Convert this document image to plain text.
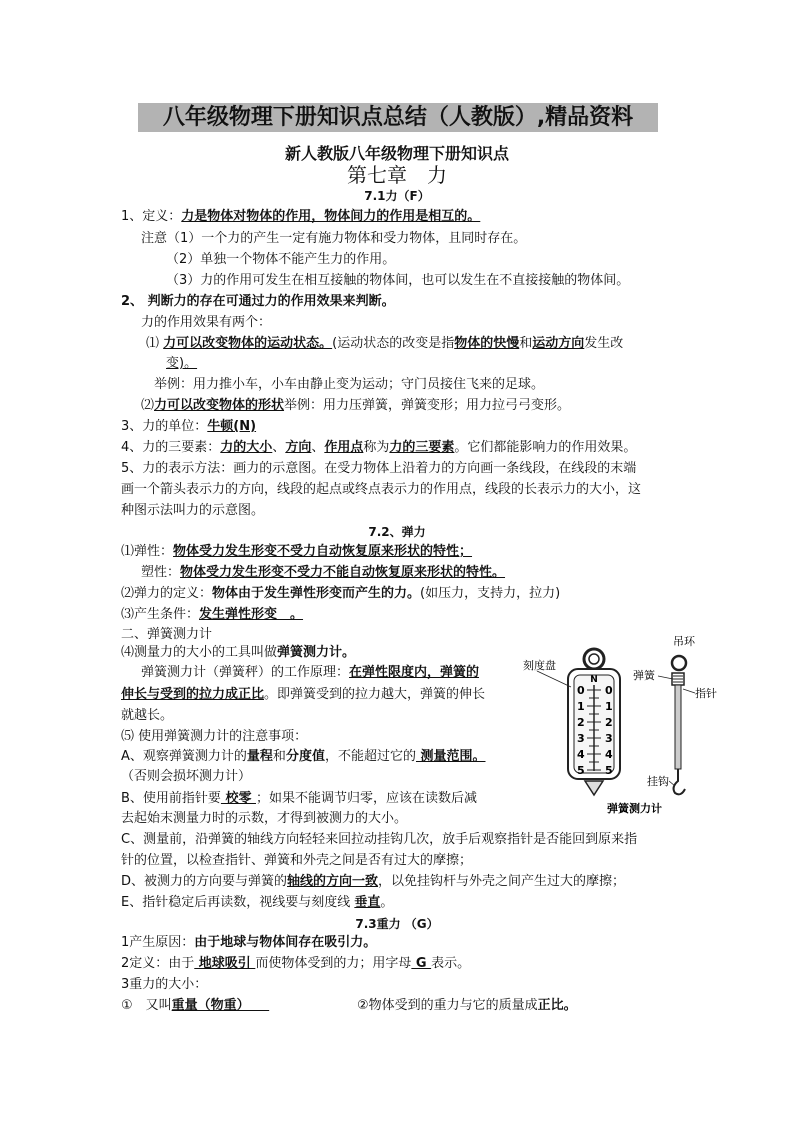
八年级物理下册知识点总结（人教版）,精品资料
新人教版八年级物理下册知识点
第七章　力
7.1力（F）
1、定义：力是物体对物体的作用，物体间力的作用是相互的。
注意（1）一个力的产生一定有施力物体和受力物体，且同时存在。
（2）单独一个物体不能产生力的作用。
（3）力的作用可发生在相互接触的物体间，也可以发生在不直接接触的物体间。
2、 判断力的存在可通过力的作用效果来判断。
力的作用效果有两个：
⑴ 力可以改变物体的运动状态。(运动状态的改变是指物体的快慢和运动方向发生改
变)。
举例：用力推小车，小车由静止变为运动；守门员接住飞来的足球。
⑵力可以改变物体的形状举例：用力压弹簧，弹簧变形；用力拉弓弓变形。
3、力的单位：牛顿(N)
4、力的三要素：力的大小、方向、作用点称为力的三要素。它们都能影响力的作用效果。
5、力的表示方法：画力的示意图。在受力物体上沿着力的方向画一条线段，在线段的末端
画一个箭头表示力的方向，线段的起点或终点表示力的作用点，线段的长表示力的大小，这
种图示法叫力的示意图。
7.2、弹力
⑴弹性：物体受力发生形变不受力自动恢复原来形状的特性；
塑性：物体受力发生形变不受力不能自动恢复原来形状的特性。
⑵弹力的定义：物体由于发生弹性形变而产生的力。(如压力，支持力，拉力)
⑶产生条件：发生弹性形变　。
二、弹簧测力计
⑷测量力的大小的工具叫做弹簧测力计。
弹簧测力计（弹簧秤）的工作原理：在弹性限度内，弹簧的
伸长与受到的拉力成正比。即弹簧受到的拉力越大，弹簧的伸长
就越长。
⑸ 使用弹簧测力计的注意事项：
A、观察弹簧测力计的量程和分度值，不能超过它的 测量范围。
（否则会损坏测力计）
B、使用前指针要 校零 ；如果不能调节归零，应该在读数后减
去起始末测量力时的示数，才得到被测力的大小。
C、测量前，沿弹簧的轴线方向轻轻来回拉动挂钩几次，放手后观察指针是否能回到原来指
针的位置，以检查指针、弹簧和外壳之间是否有过大的摩擦；
D、被测力的方向要与弹簧的轴线的方向一致，以免挂钩杆与外壳之间产生过大的摩擦；
E、指针稳定后再读数，视线要与刻度线 垂直。
7.3重力 （G）
1产生原因：由于地球与物体间存在吸引力。
2定义：由于 地球吸引 而使物体受到的力；用字母 G 表示。
3重力的大小：
①　又叫重量（物重）　　	②物体受到的重力与它的质量成正比。
N
0
1
2
3
4
5
0
1
2
3
4
5
刻度盘
吊环
弹簧
指针
挂钩
弹簧测力计
